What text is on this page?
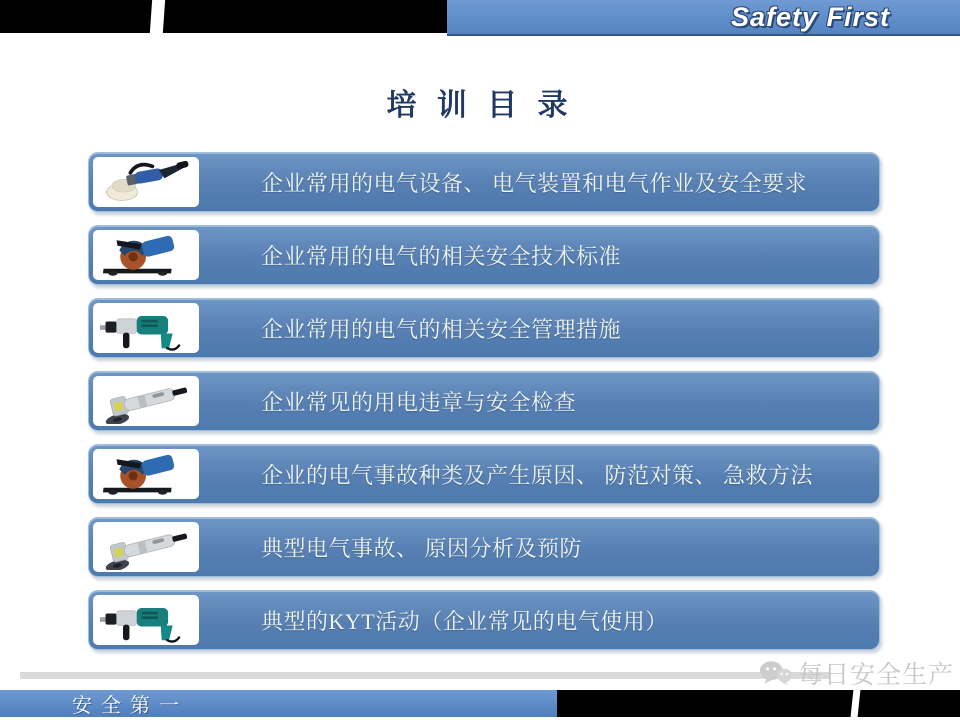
Safety First
培 训 目 录
企业常用的电气设备、 电气装置和电气作业及安全要求
企业常用的电气的相关安全技术标准
企业常用的电气的相关安全管理措施
企业常见的用电违章与安全检查
企业的电气事故种类及产生原因、 防范对策、 急救方法
典型电气事故、 原因分析及预防
典型的KYT活动（企业常见的电气使用）
安 全 第 一
每日安全生产
